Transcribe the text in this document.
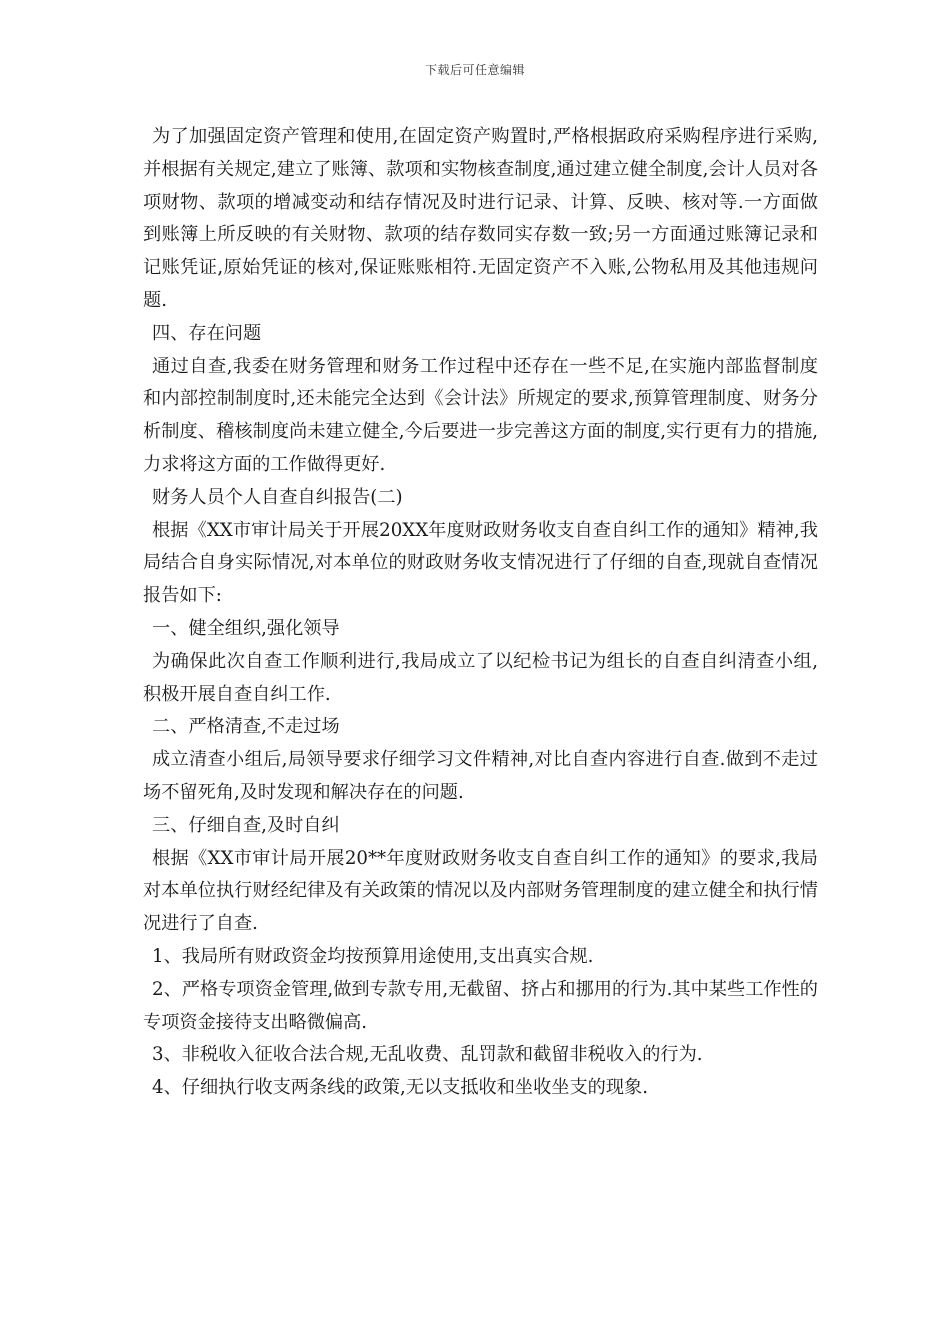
下载后可任意编辑

为了加强固定资产管理和使用,在固定资产购置时,严格根据政府采购程序进行采购,并根据有关规定,建立了账簿、款项和实物核查制度,通过建立健全制度,会计人员对各项财物、款项的增减变动和结存情况及时进行记录、计算、反映、核对等.一方面做到账簿上所反映的有关财物、款项的结存数同实存数一致;另一方面通过账簿记录和记账凭证,原始凭证的核对,保证账账相符.无固定资产不入账,公物私用及其他违规问题.

四、存在问题

通过自查,我委在财务管理和财务工作过程中还存在一些不足,在实施内部监督制度和内部控制制度时,还未能完全达到《会计法》所规定的要求,预算管理制度、财务分析制度、稽核制度尚未建立健全,今后要进一步完善这方面的制度,实行更有力的措施,力求将这方面的工作做得更好.

财务人员个人自查自纠报告(二)

根据《XX市审计局关于开展20XX年度财政财务收支自查自纠工作的通知》精神,我局结合自身实际情况,对本单位的财政财务收支情况进行了仔细的自查,现就自查情况报告如下:

一、健全组织,强化领导

为确保此次自查工作顺利进行,我局成立了以纪检书记为组长的自查自纠清查小组,积极开展自查自纠工作.

二、严格清查,不走过场

成立清查小组后,局领导要求仔细学习文件精神,对比自查内容进行自查.做到不走过场不留死角,及时发现和解决存在的问题.

三、仔细自查,及时自纠

根据《XX市审计局开展20**年度财政财务收支自查自纠工作的通知》的要求,我局对本单位执行财经纪律及有关政策的情况以及内部财务管理制度的建立健全和执行情况进行了自查.

1、我局所有财政资金均按预算用途使用,支出真实合规.

2、严格专项资金管理,做到专款专用,无截留、挤占和挪用的行为.其中某些工作性的专项资金接待支出略微偏高.

3、非税收入征收合法合规,无乱收费、乱罚款和截留非税收入的行为.

4、仔细执行收支两条线的政策,无以支抵收和坐收坐支的现象.
